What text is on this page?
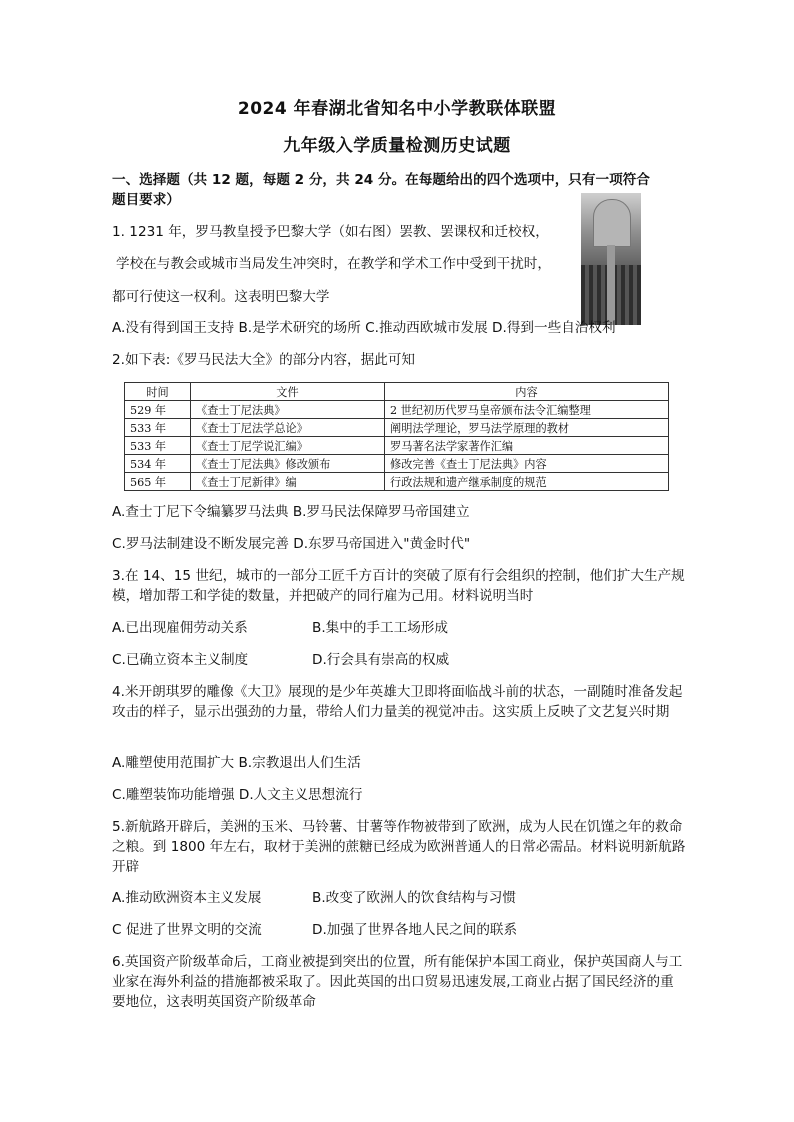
2024 年春湖北省知名中小学教联体联盟
九年级入学质量检测历史试题
一、选择题（共 12 题，每题 2 分，共 24 分。在每题给出的四个选项中，只有一项符合
题目要求）
1. 1231 年，罗马教皇授予巴黎大学（如右图）罢教、罢课权和迁校权，
学校在与教会或城市当局发生冲突时，在教学和学术工作中受到干扰时，
都可行使这一权利。这表明巴黎大学
A.没有得到国王支持 B.是学术研究的场所 C.推动西欧城市发展 D.得到一些自治权利
2.如下表:《罗马民法大全》的部分内容，据此可知
时间	文件	内容
529 年	《查士丁尼法典》	2 世纪初历代罗马皇帝颁布法令汇编整理
533 年	《查士丁尼法学总论》	阐明法学理论，罗马法学原理的教材
533 年	《查士丁尼学说汇编》	罗马著名法学家著作汇编
534 年	《查士丁尼法典》修改颁布	修改完善《查士丁尼法典》内容
565 年	《查士丁尼新律》编	行政法规和遗产继承制度的规范
A.查士丁尼下令编纂罗马法典 B.罗马民法保障罗马帝国建立
C.罗马法制建设不断发展完善 D.东罗马帝国进入"黄金时代"
3.在 14、15 世纪，城市的一部分工匠千方百计的突破了原有行会组织的控制，他们扩大生产规模，增加帮工和学徒的数量，并把破产的同行雇为己用。材料说明当时
A.已出现雇佣劳动关系	B.集中的手工工场形成
C.已确立资本主义制度	D.行会具有崇高的权威
4.米开朗琪罗的雕像《大卫》展现的是少年英雄大卫即将面临战斗前的状态，一副随时准备发起攻击的样子，显示出强劲的力量，带给人们力量美的视觉冲击。这实质上反映了文艺复兴时期
A.雕塑使用范围扩大 B.宗教退出人们生活
C.雕塑装饰功能增强 D.人文主义思想流行
5.新航路开辟后，美洲的玉米、马铃薯、甘薯等作物被带到了欧洲，成为人民在饥馑之年的救命之粮。到 1800 年左右，取材于美洲的蔗糖已经成为欧洲普通人的日常必需品。材料说明新航路开辟
A.推动欧洲资本主义发展	B.改变了欧洲人的饮食结构与习惯
C 促进了世界文明的交流	D.加强了世界各地人民之间的联系
6.英国资产阶级革命后，工商业被提到突出的位置，所有能保护本国工商业，保护英国商人与工业家在海外利益的措施都被采取了。因此英国的出口贸易迅速发展,工商业占据了国民经济的重要地位，这表明英国资产阶级革命
